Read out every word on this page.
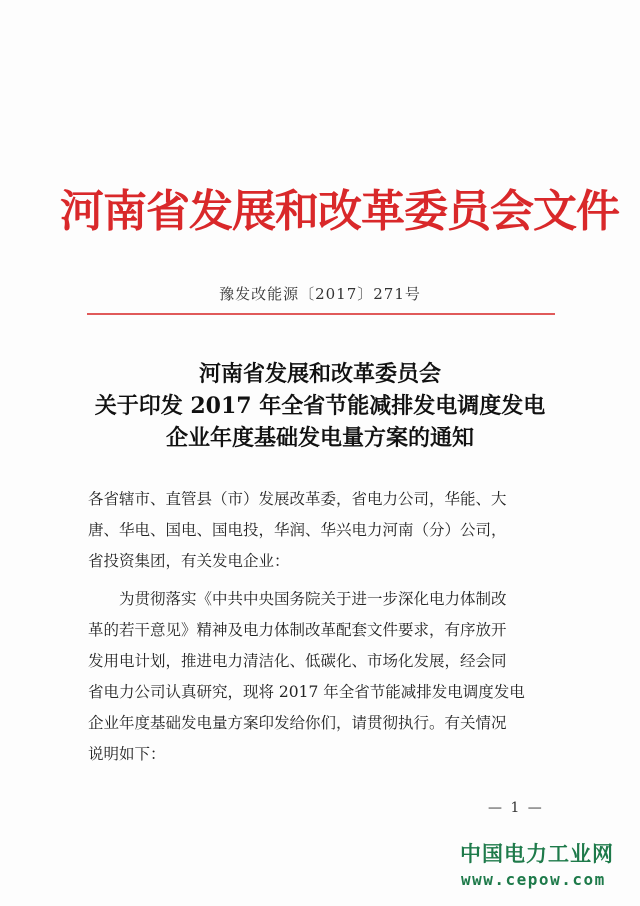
河南省发展和改革委员会文件
豫发改能源〔2017〕271号
河南省发展和改革委员会
关于印发 2017 年全省节能减排发电调度发电
企业年度基础发电量方案的通知
各省辖市、直管县（市）发展改革委，省电力公司，华能、大
唐、华电、国电、国电投，华润、华兴电力河南（分）公司，
省投资集团，有关发电企业：
为贯彻落实《中共中央国务院关于进一步深化电力体制改
革的若干意见》精神及电力体制改革配套文件要求，有序放开
发用电计划，推进电力清洁化、低碳化、市场化发展，经会同
省电力公司认真研究，现将 2017 年全省节能减排发电调度发电
企业年度基础发电量方案印发给你们，请贯彻执行。有关情况
说明如下：
— 1 —
中国电力工业网
www.cepow.com
